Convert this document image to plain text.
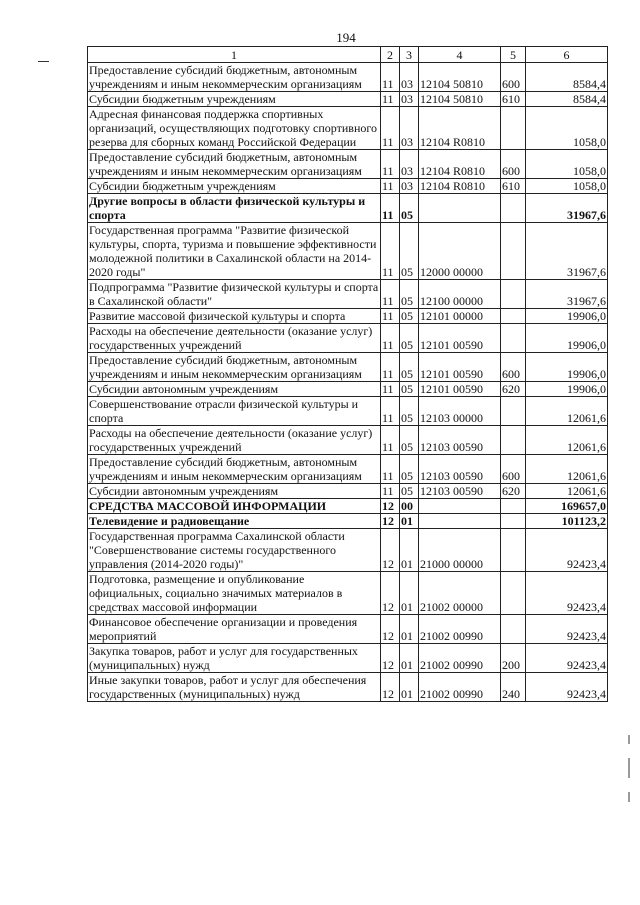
194
1	2	3	4	5	6
Предоставление субсидий бюджетным, автономным учреждениям и иным некоммерческим организациям	11	03	12104 50810	600	8584,4
Субсидии бюджетным учреждениям	11	03	12104 50810	610	8584,4
Адресная финансовая поддержка спортивных организаций, осуществляющих подготовку спортивного резерва для сборных команд Российской Федерации	11	03	12104 R0810		1058,0
Предоставление субсидий бюджетным, автономным учреждениям и иным некоммерческим организациям	11	03	12104 R0810	600	1058,0
Субсидии бюджетным учреждениям	11	03	12104 R0810	610	1058,0
Другие вопросы в области физической культуры и спорта	11	05			31967,6
Государственная программа "Развитие физической культуры, спорта, туризма и повышение эффективности молодежной политики в Сахалинской области на 2014-2020 годы"	11	05	12000 00000		31967,6
Подпрограмма "Развитие физической культуры и спорта в Сахалинской области"	11	05	12100 00000		31967,6
Развитие массовой физической культуры и спорта	11	05	12101 00000		19906,0
Расходы на обеспечение деятельности (оказание услуг) государственных учреждений	11	05	12101 00590		19906,0
Предоставление субсидий бюджетным, автономным учреждениям и иным некоммерческим организациям	11	05	12101 00590	600	19906,0
Субсидии автономным учреждениям	11	05	12101 00590	620	19906,0
Совершенствование отрасли физической культуры и спорта	11	05	12103 00000		12061,6
Расходы на обеспечение деятельности (оказание услуг) государственных учреждений	11	05	12103 00590		12061,6
Предоставление субсидий бюджетным, автономным учреждениям и иным некоммерческим организациям	11	05	12103 00590	600	12061,6
Субсидии автономным учреждениям	11	05	12103 00590	620	12061,6
СРЕДСТВА МАССОВОЙ ИНФОРМАЦИИ	12	00			169657,0
Телевидение и радиовещание	12	01			101123,2
Государственная программа Сахалинской области "Совершенствование системы государственного управления (2014-2020 годы)"	12	01	21000 00000		92423,4
Подготовка, размещение и опубликование официальных, социально значимых материалов в средствах массовой информации	12	01	21002 00000		92423,4
Финансовое обеспечение организации и проведения мероприятий	12	01	21002 00990		92423,4
Закупка товаров, работ и услуг для государственных (муниципальных) нужд	12	01	21002 00990	200	92423,4
Иные закупки товаров, работ и услуг для обеспечения государственных (муниципальных) нужд	12	01	21002 00990	240	92423,4
